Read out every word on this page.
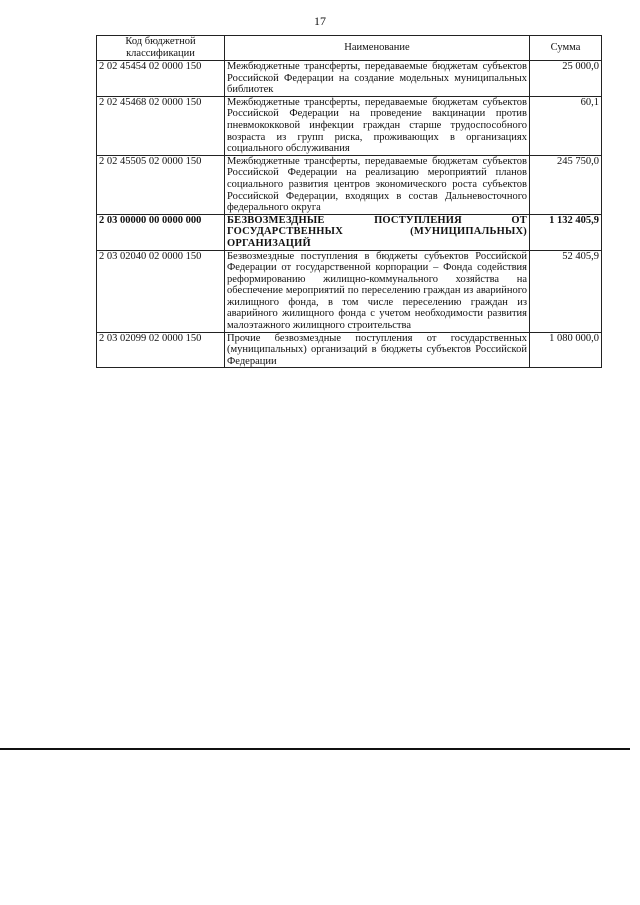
17
Код бюджетной классификации	Наименование	Сумма
2 02 45454 02 0000 150	Межбюджетные трансферты, передаваемые бюджетам субъектов Российской Федерации на создание модельных муниципальных библиотек	25 000,0
2 02 45468 02 0000 150	Межбюджетные трансферты, передаваемые бюджетам субъектов Российской Федерации на проведение вакцинации против пневмококковой инфекции граждан старше трудоспособного возраста из групп риска, проживающих в организациях социального обслуживания	60,1
2 02 45505 02 0000 150	Межбюджетные трансферты, передаваемые бюджетам субъектов Российской Федерации на реализацию мероприятий планов социального развития центров экономического роста субъектов Российской Федерации, входящих в состав Дальневосточного федерального округа	245 750,0
2 03 00000 00 0000 000	БЕЗВОЗМЕЗДНЫЕ ПОСТУПЛЕНИЯ ОТ ГОСУДАРСТВЕННЫХ (МУНИЦИПАЛЬНЫХ) ОРГАНИЗАЦИЙ	1 132 405,9
2 03 02040 02 0000 150	Безвозмездные поступления в бюджеты субъектов Российской Федерации от государственной корпорации – Фонда содействия реформированию жилищно-коммунального хозяйства на обеспечение мероприятий по переселению граждан из аварийного жилищного фонда, в том числе переселению граждан из аварийного жилищного фонда с учетом необходимости развития малоэтажного жилищного строительства	52 405,9
2 03 02099 02 0000 150	Прочие безвозмездные поступления от государственных (муниципальных) организаций в бюджеты субъектов Российской Федерации	1 080 000,0
